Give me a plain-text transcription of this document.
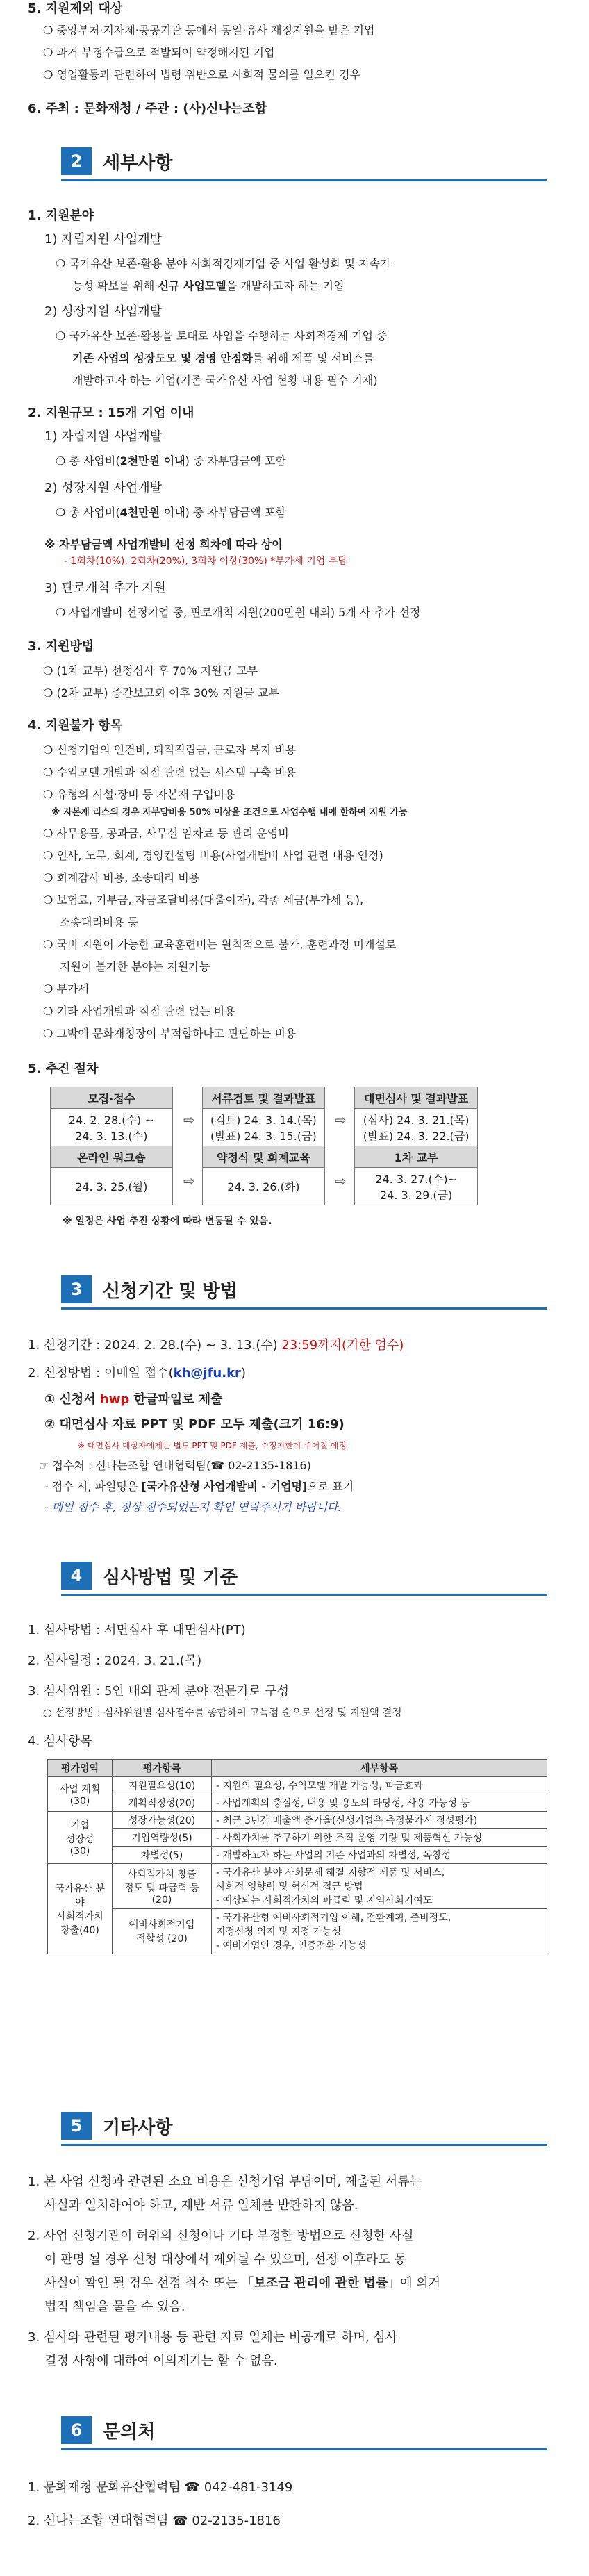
5. 지원제외 대상
❍ 중앙부처·지자체·공공기관 등에서 동일·유사 재정지원을 받은 기업
❍ 과거 부정수급으로 적발되어 약정해지된 기업
❍ 영업활동과 관련하여 법령 위반으로 사회적 물의를 일으킨 경우
6. 주최 : 문화재청 / 주관 : (사)신나는조합
2	세부사항
1. 지원분야
1) 자립지원 사업개발
❍ 국가유산 보존·활용 분야 사회적경제기업 중 사업 활성화 및 지속가
능성 확보를 위해 신규 사업모델을 개발하고자 하는 기업
2) 성장지원 사업개발
❍ 국가유산 보존·활용을 토대로 사업을 수행하는 사회적경제 기업 중
기존 사업의 성장도모 및 경영 안정화를 위해 제품 및 서비스를
개발하고자 하는 기업(기존 국가유산 사업 현황 내용 필수 기재)
2. 지원규모 : 15개 기업 이내
1) 자립지원 사업개발
❍ 총 사업비(2천만원 이내) 중 자부담금액 포함
2) 성장지원 사업개발
❍ 총 사업비(4천만원 이내) 중 자부담금액 포함
※ 자부담금액 사업개발비 선정 회차에 따라 상이
- 1회차(10%), 2회차(20%), 3회차 이상(30%) *부가세 기업 부담
3) 판로개척 추가 지원
❍ 사업개발비 선정기업 중, 판로개척 지원(200만원 내외) 5개 사 추가 선정
3. 지원방법
❍ (1차 교부) 선정심사 후 70% 지원금 교부
❍ (2차 교부) 중간보고회 이후 30% 지원금 교부
4. 지원불가 항목
❍ 신청기업의 인건비, 퇴직적립금, 근로자 복지 비용
❍ 수익모델 개발과 직접 관련 없는 시스템 구축 비용
❍ 유형의 시설·장비 등 자본재 구입비용
※ 자본재 리스의 경우 자부담비용 50% 이상을 조건으로 사업수행 내에 한하여 지원 가능
❍ 사무용품, 공과금, 사무실 임차료 등 관리 운영비
❍ 인사, 노무, 회계, 경영컨설팅 비용(사업개발비 사업 관련 내용 인정)
❍ 회계감사 비용, 소송대리 비용
❍ 보험료, 기부금, 자금조달비용(대출이자), 각종 세금(부가세 등),
소송대리비용 등
❍ 국비 지원이 가능한 교육훈련비는 원칙적으로 불가, 훈련과정 미개설로
지원이 불가한 분야는 지원가능
❍ 부가세
❍ 기타 사업개발과 직접 관련 없는 비용
❍ 그밖에 문화재청장이 부적합하다고 판단하는 비용
5. 추진 절차
모집·접수		서류검토 및 결과발표		대면심사 및 결과발표
24. 2. 28.(수) ~
24. 3. 13.(수)		(검토) 24. 3. 14.(목)
(발표) 24. 3. 15.(금)		(심사) 24. 3. 21.(목)
(발표) 24. 3. 22.(금)
온라인 워크숍		약정식 및 회계교육		1차 교부
24. 3. 25.(월)		24. 3. 26.(화)		24. 3. 27.(수)~
24. 3. 29.(금)
⇨	⇨
⇨	⇨
※ 일정은 사업 추진 상황에 따라 변동될 수 있음.
3	신청기간 및 방법
1. 신청기간 : 2024. 2. 28.(수) ~ 3. 13.(수) 23:59까지(기한 엄수)
2. 신청방법 : 이메일 접수(kh@jfu.kr)
① 신청서 hwp 한글파일로 제출
② 대면심사 자료 PPT 및 PDF 모두 제출(크기 16:9)
※ 대면심사 대상자에게는 별도 PPT 및 PDF 제출, 수정기한이 주어질 예정
☞ 접수처 : 신나는조합 연대협력팀(☎ 02-2135-1816)
- 접수 시, 파일명은 [국가유산형 사업개발비 - 기업명]으로 표기
- 메일 접수 후, 정상 접수되었는지 확인 연락주시기 바랍니다.
4	심사방법 및 기준
1. 심사방법 : 서면심사 후 대면심사(PT)
2. 심사일정 : 2024. 3. 21.(목)
3. 심사위원 : 5인 내외 관계 분야 전문가로 구성
○ 선정방법 : 심사위원별 심사점수를 종합하여 고득점 순으로 선정 및 지원액 결정
4. 심사항목
평가영역	평가항목	세부항목
사업 계획
(30)	지원필요성(10)	- 지원의 필요성, 수익모델 개발 가능성, 파급효과
	계획적정성(20)	- 사업계획의 충실성, 내용 및 용도의 타당성, 사용 가능성 등
기업
성장성
(30)	성장가능성(20)	- 최근 3년간 매출액 증가율(신생기업은 측정불가시 정성평가)
	기업역량성(5)	- 사회가치를 추구하기 위한 조직 운영 기량 및 제품혁신 가능성
	차별성(5)	- 개발하고자 하는 사업의 기존 사업과의 차별성, 독창성
국가유산 분야
사회적가치
창출(40)	사회적가치 창출
정도 및 파급력 등
(20)	- 국가유산 분야 사회문제 해결 지향적 제품 및 서비스,
사회적 영향력 및 혁신적 접근 방법
- 예상되는 사회적가치의 파급력 및 지역사회기여도
	예비사회적기업
적합성 (20)	- 국가유산형 예비사회적기업 이해, 전환계획, 준비정도,
지정신청 의지 및 지정 가능성
- 예비기업인 경우, 인증전환 가능성
5	기타사항
1. 본 사업 신청과 관련된 소요 비용은 신청기업 부담이며, 제출된 서류는
사실과 일치하여야 하고, 제반 서류 일체를 반환하지 않음.
2. 사업 신청기관이 허위의 신청이나 기타 부정한 방법으로 신청한 사실
이 판명 될 경우 신청 대상에서 제외될 수 있으며, 선정 이후라도 동
사실이 확인 될 경우 선정 취소 또는 「보조금 관리에 관한 법률」에 의거
법적 책임을 물을 수 있음.
3. 심사와 관련된 평가내용 등 관련 자료 일체는 비공개로 하며, 심사
결정 사항에 대하여 이의제기는 할 수 없음.
6	문의처
1. 문화재청 문화유산협력팀 ☎ 042-481-3149
2. 신나는조합 연대협력팀 ☎ 02-2135-1816
